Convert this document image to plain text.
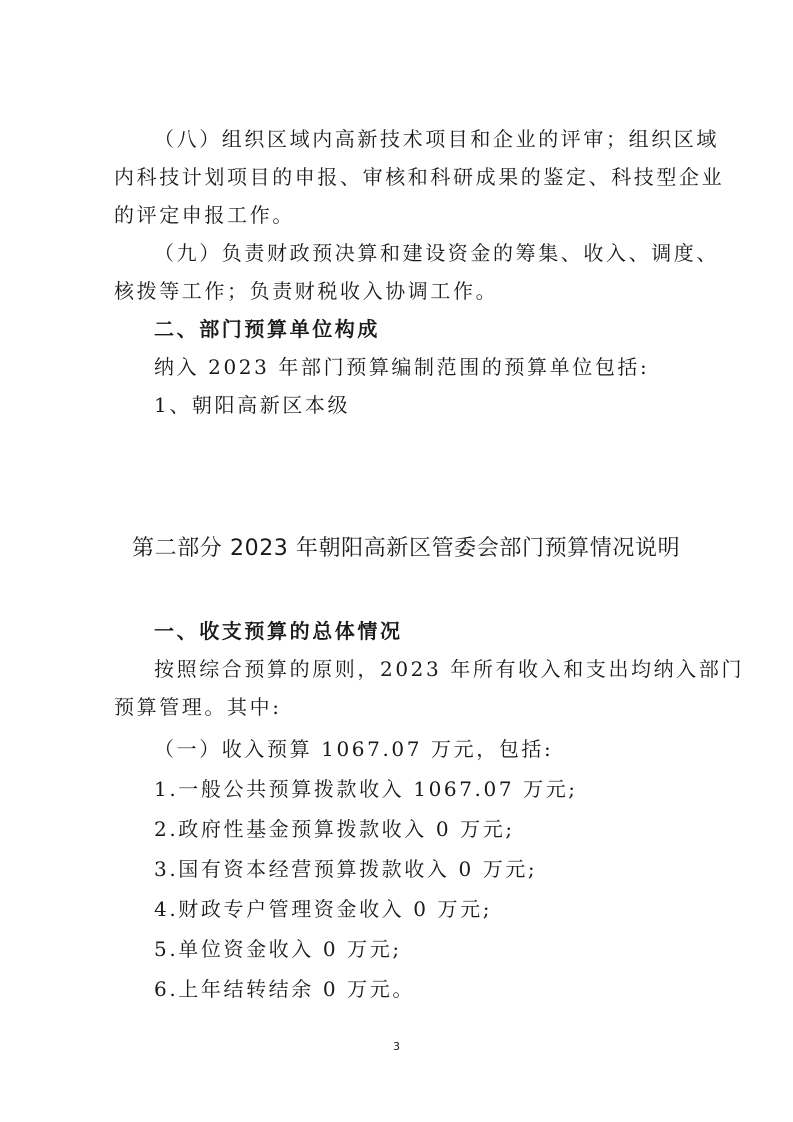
（八）组织区域内高新技术项目和企业的评审；组织区域

内科技计划项目的申报、审核和科研成果的鉴定、科技型企业

的评定申报工作。

（九）负责财政预决算和建设资金的筹集、收入、调度、

核拨等工作；负责财税收入协调工作。

二、部门预算单位构成

纳入 2023 年部门预算编制范围的预算单位包括:

1、朝阳高新区本级

第二部分 2023 年朝阳高新区管委会部门预算情况说明

一、收支预算的总体情况

按照综合预算的原则，2023 年所有收入和支出均纳入部门

预算管理。其中:

（一）收入预算 1067.07 万元，包括:

1.一般公共预算拨款收入 1067.07 万元;

2.政府性基金预算拨款收入 0 万元;

3.国有资本经营预算拨款收入 0 万元;

4.财政专户管理资金收入 0 万元;

5.单位资金收入 0 万元;

6.上年结转结余 0 万元。

3
